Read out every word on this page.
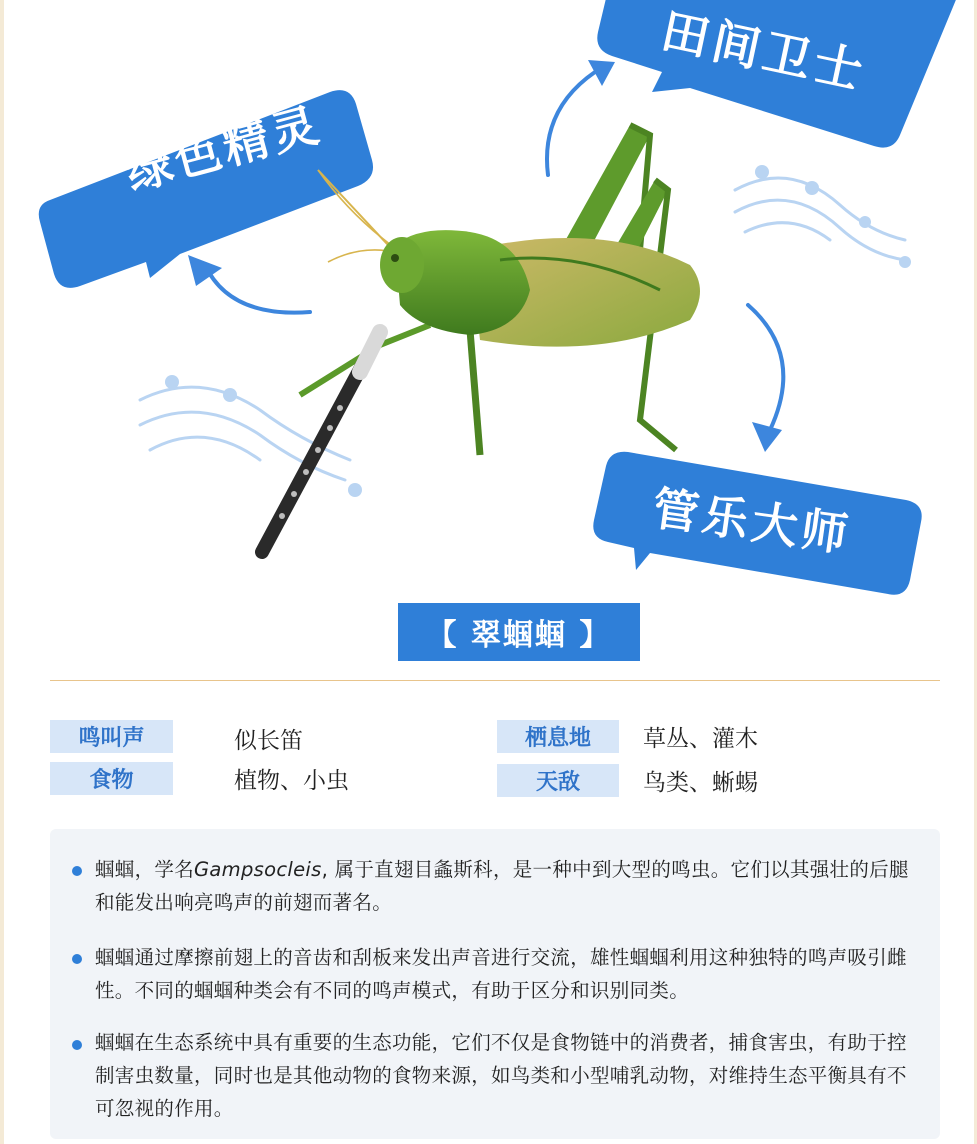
绿色精灵
田间卫士
管乐大师
【 翠蝈蝈 】
鸣叫声	似长笛	栖息地	草丛、灌木
食物	植物、小虫	天敌	鸟类、蜥蜴
蝈蝈，学名Gampsocleis, 属于直翅目螽斯科，是一种中到大型的鸣虫。它们以其强壮的后腿和能发出响亮鸣声的前翅而著名。
蝈蝈通过摩擦前翅上的音齿和刮板来发出声音进行交流，雄性蝈蝈利用这种独特的鸣声吸引雌性。不同的蝈蝈种类会有不同的鸣声模式，有助于区分和识别同类。
蝈蝈在生态系统中具有重要的生态功能，它们不仅是食物链中的消费者，捕食害虫，有助于控制害虫数量，同时也是其他动物的食物来源，如鸟类和小型哺乳动物，对维持生态平衡具有不可忽视的作用。
